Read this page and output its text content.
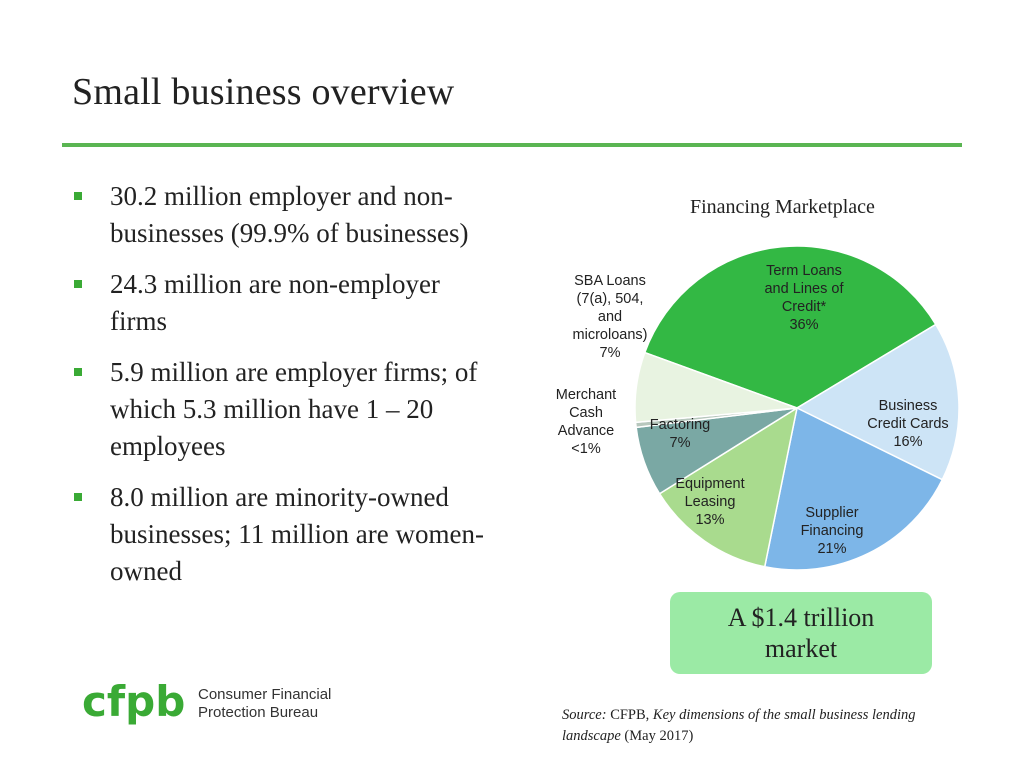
Small business overview
30.2 million employer and non-businesses (99.9% of businesses)
24.3 million are non-employer firms
5.9 million are employer firms; of which 5.3 million have 1 – 20 employees
8.0 million are minority-owned businesses; 11 million are women-owned
Financing Marketplace
Term Loans and Lines of Credit* 36%
Business Credit Cards 16%
Supplier Financing 21%
Equipment Leasing 13%
Factoring 7%
Merchant Cash Advance <1%
SBA Loans (7(a), 504, and microloans) 7%
A $1.4 trillion
market
cfpb Consumer Financial
Protection Bureau	Source: CFPB, Key dimensions of the small business lending landscape (May 2017)
